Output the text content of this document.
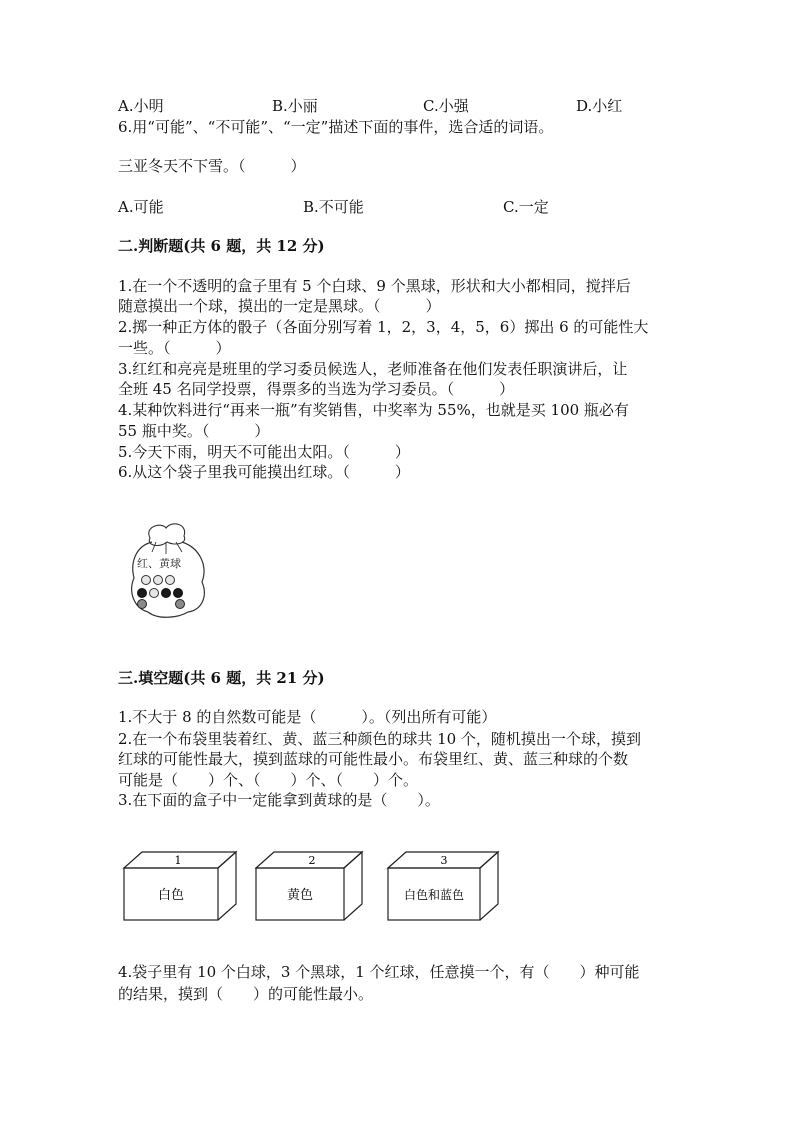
A.小明	B.小丽	C.小强	D.小红
6.用“可能”、“不可能”、“一定”描述下面的事件，选合适的词语。
三亚冬天不下雪。（　　　）
A.可能	B.不可能	C.一定
二.判断题(共 6 题，共 12 分)
1.在一个不透明的盒子里有 5 个白球、9 个黑球，形状和大小都相同，搅拌后
随意摸出一个球，摸出的一定是黑球。（　　　）
2.掷一种正方体的骰子（各面分别写着 1，2，3，4，5，6）掷出 6 的可能性大
一些。（　　　）
3.红红和亮亮是班里的学习委员候选人，老师准备在他们发表任职演讲后，让
全班 45 名同学投票，得票多的当选为学习委员。（　　　）
4.某种饮料进行“再来一瓶”有奖销售，中奖率为 55%，也就是买 100 瓶必有
55 瓶中奖。（　　　）
5.今天下雨，明天不可能出太阳。（　　　）
6.从这个袋子里我可能摸出红球。（　　　）
红、黄球
三.填空题(共 6 题，共 21 分)
1.不大于 8 的自然数可能是（　　　）。（列出所有可能）
2.在一个布袋里装着红、黄、蓝三种颜色的球共 10 个，随机摸出一个球，摸到
红球的可能性最大，摸到蓝球的可能性最小。布袋里红、黄、蓝三种球的个数
可能是（　　）个、（　　）个、（　　）个。
3.在下面的盒子中一定能拿到黄球的是（　　）。
1
白色
2
黄色
3
白色和蓝色
4.袋子里有 10 个白球，3 个黑球，1 个红球，任意摸一个，有（　　）种可能
的结果，摸到（　　）的可能性最小。
